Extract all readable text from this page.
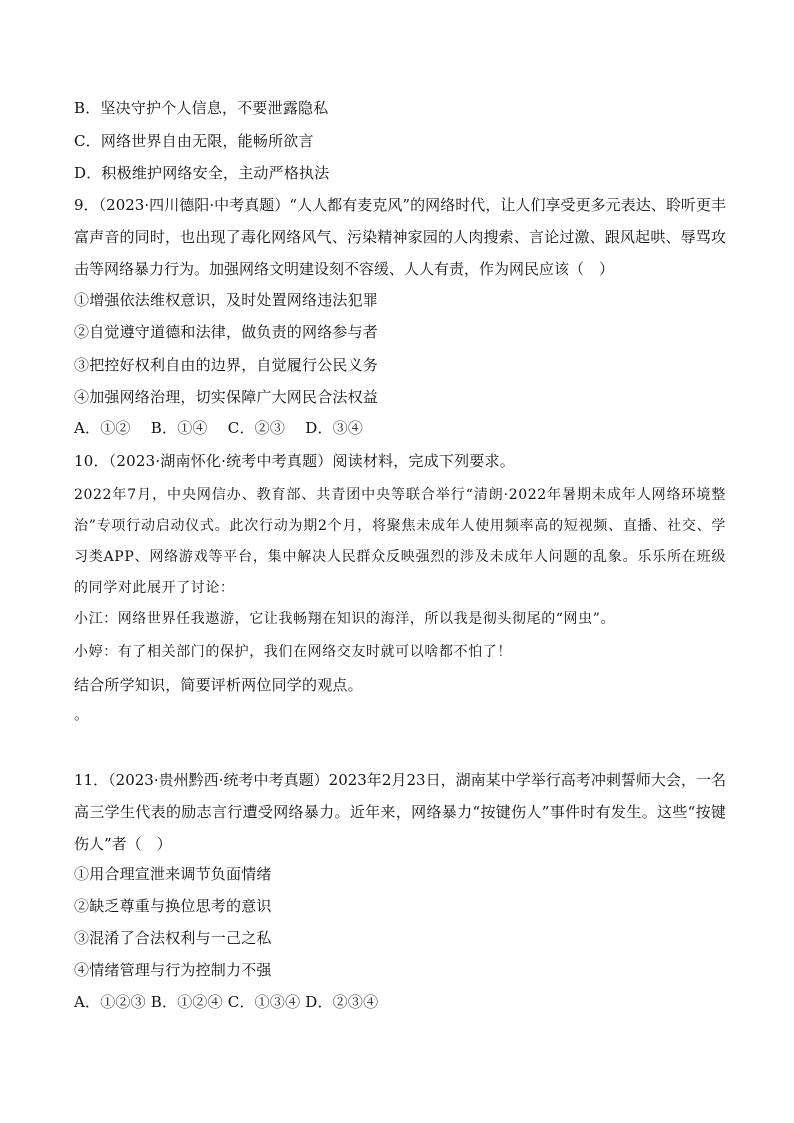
B．坚决守护个人信息，不要泄露隐私
C．网络世界自由无限，能畅所欲言
D．积极维护网络安全，主动严格执法
9．（2023·四川德阳·中考真题）“人人都有麦克风”的网络时代，让人们享受更多元表达、聆听更丰富声音的同时，也出现了毒化网络风气、污染精神家园的人肉搜索、言论过激、跟风起哄、辱骂攻击等网络暴力行为。加强网络文明建设刻不容缓、人人有责，作为网民应该（　）
①增强依法维权意识，及时处置网络违法犯罪
②自觉遵守道德和法律，做负责的网络参与者
③把控好权利自由的边界，自觉履行公民义务
④加强网络治理，切实保障广大网民合法权益
A．①②　 B．①④　 C．②③　 D．③④
10．（2023·湖南怀化·统考中考真题）阅读材料，完成下列要求。
2022年7月，中央网信办、教育部、共青团中央等联合举行“清朗·2022年暑期未成年人网络环境整治”专项行动启动仪式。此次行动为期2个月，将聚焦未成年人使用频率高的短视频、直播、社交、学习类APP、网络游戏等平台，集中解决人民群众反映强烈的涉及未成年人问题的乱象。乐乐所在班级的同学对此展开了讨论：
小江：网络世界任我遨游，它让我畅翔在知识的海洋，所以我是彻头彻尾的“网虫”。
小婷：有了相关部门的保护，我们在网络交友时就可以啥都不怕了！
结合所学知识，简要评析两位同学的观点。
。
11．（2023·贵州黔西·统考中考真题）2023年2月23日，湖南某中学举行高考冲刺誓师大会，一名高三学生代表的励志言行遭受网络暴力。近年来，网络暴力“按键伤人”事件时有发生。这些“按键伤人”者（　）
①用合理宣泄来调节负面情绪
②缺乏尊重与换位思考的意识
③混淆了合法权利与一己之私
④情绪管理与行为控制力不强
A．①②③ B．①②④ C．①③④ D．②③④
